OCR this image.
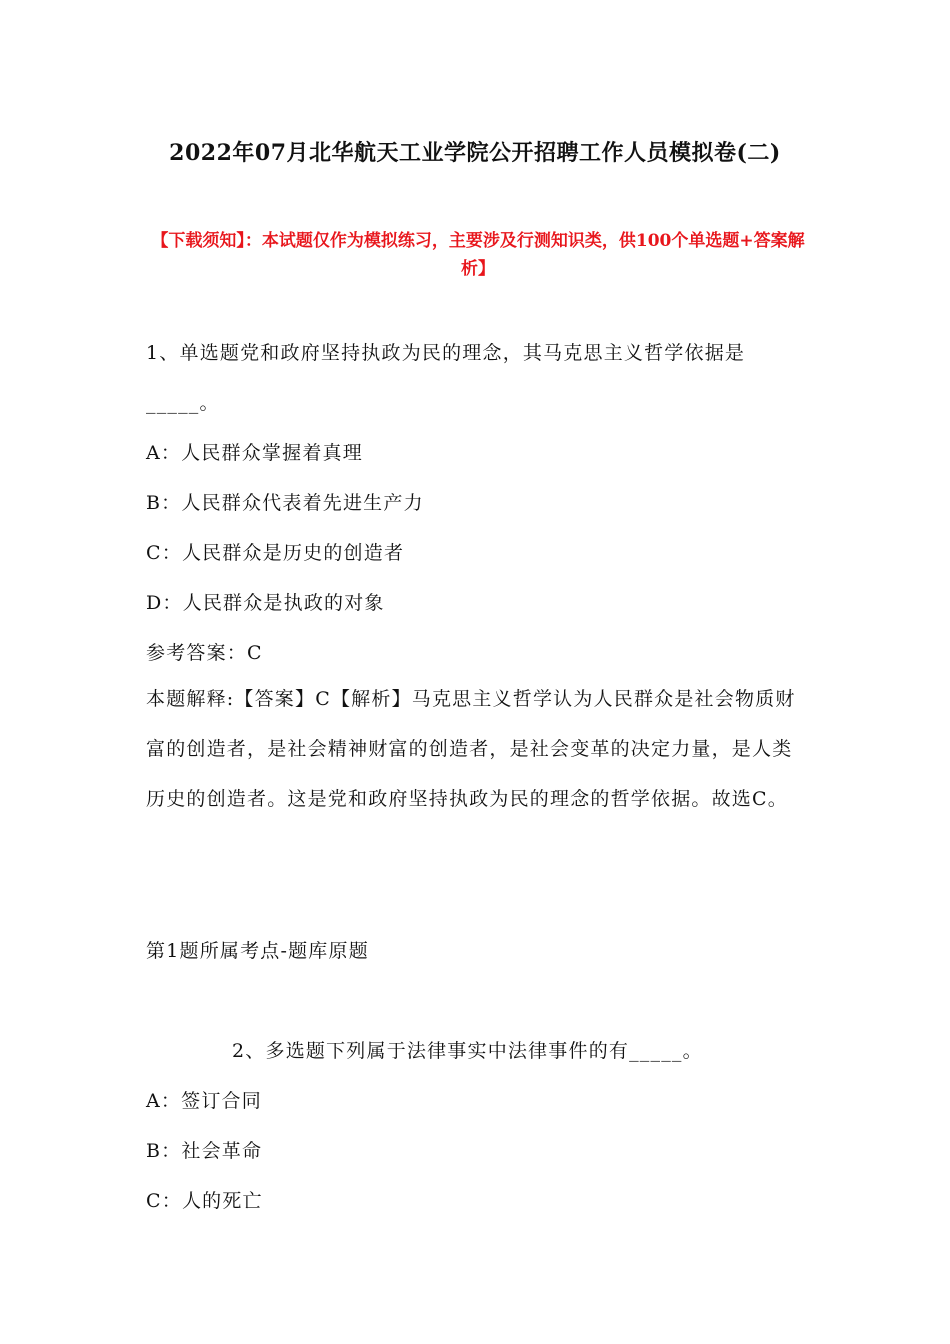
2022年07月北华航天工业学院公开招聘工作人员模拟卷(二)
【下载须知】：本试题仅作为模拟练习，主要涉及行测知识类，供100个单选题+答案解析】
1、单选题党和政府坚持执政为民的理念，其马克思主义哲学依据是
_____。
A：人民群众掌握着真理
B：人民群众代表着先进生产力
C：人民群众是历史的创造者
D：人民群众是执政的对象
参考答案：C
本题解释:【答案】C【解析】马克思主义哲学认为人民群众是社会物质财富的创造者，是社会精神财富的创造者，是社会变革的决定力量，是人类历史的创造者。这是党和政府坚持执政为民的理念的哲学依据。故选C。
第1题所属考点-题库原题
2、多选题下列属于法律事实中法律事件的有_____。
A：签订合同
B：社会革命
C：人的死亡
